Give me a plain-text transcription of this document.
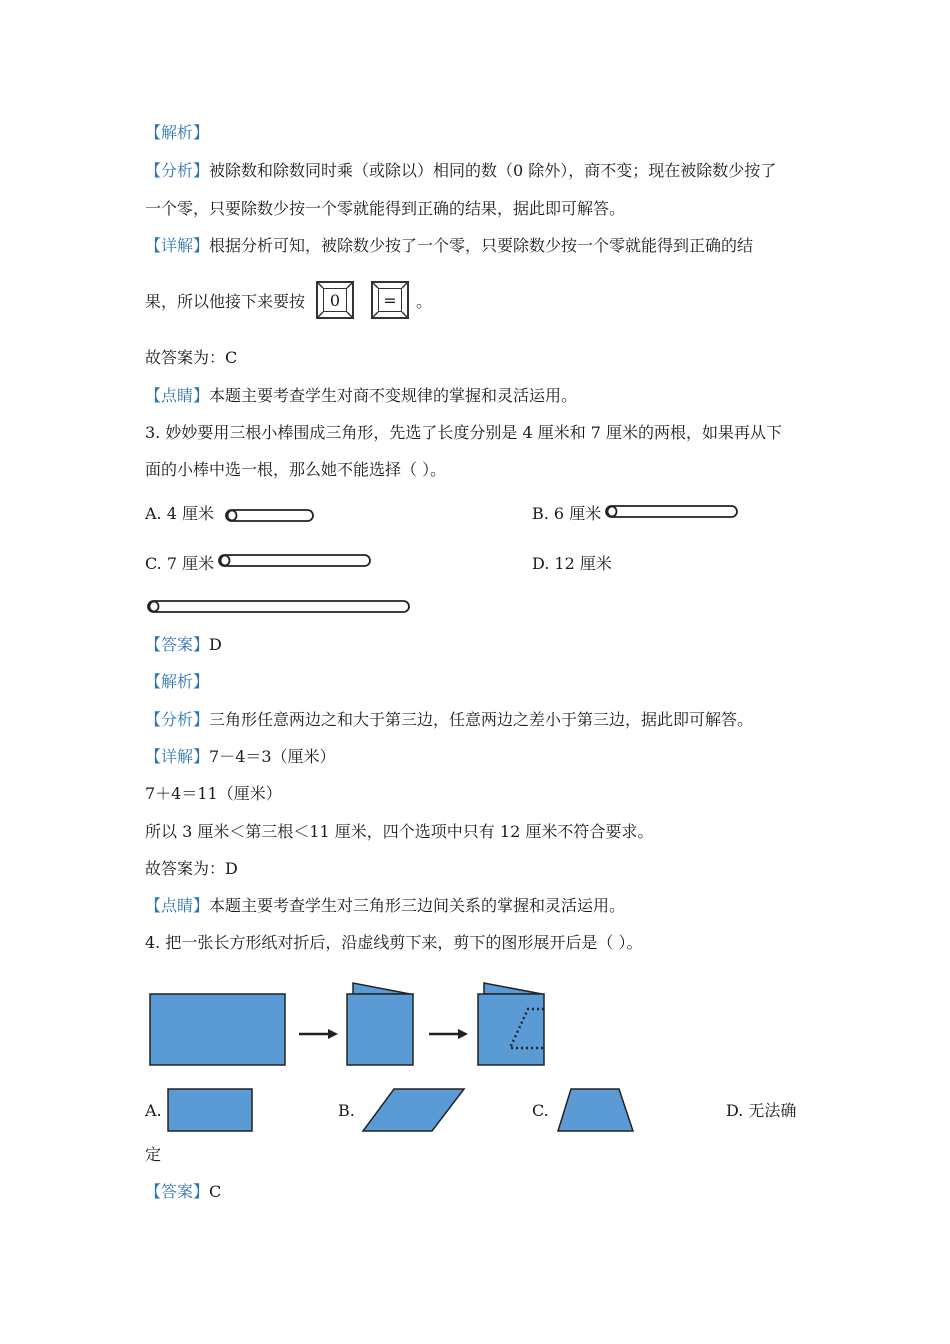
【解析】
【分析】被除数和除数同时乘（或除以）相同的数（0 除外），商不变；现在被除数少按了
一个零，只要除数少按一个零就能得到正确的结果，据此即可解答。
【详解】根据分析可知，被除数少按了一个零，只要除数少按一个零就能得到正确的结
果，所以他接下来要按	0	=	。
故答案为：C
【点睛】本题主要考查学生对商不变规律的掌握和灵活运用。
3. 妙妙要用三根小棒围成三角形，先选了长度分别是 4 厘米和 7 厘米的两根，如果再从下
面的小棒中选一根，那么她不能选择（ ）。
A. 4 厘米	B. 6 厘米
C. 7 厘米	D. 12 厘米
【答案】D
【解析】
【分析】三角形任意两边之和大于第三边，任意两边之差小于第三边，据此即可解答。
【详解】7－4＝3（厘米）
7＋4＝11（厘米）
所以 3 厘米＜第三根＜11 厘米，四个选项中只有 12 厘米不符合要求。
故答案为：D
【点睛】本题主要考查学生对三角形三边间关系的掌握和灵活运用。
4. 把一张长方形纸对折后，沿虚线剪下来，剪下的图形展开后是（ ）。
A.	B.	C.	D. 无法确
定
【答案】C
